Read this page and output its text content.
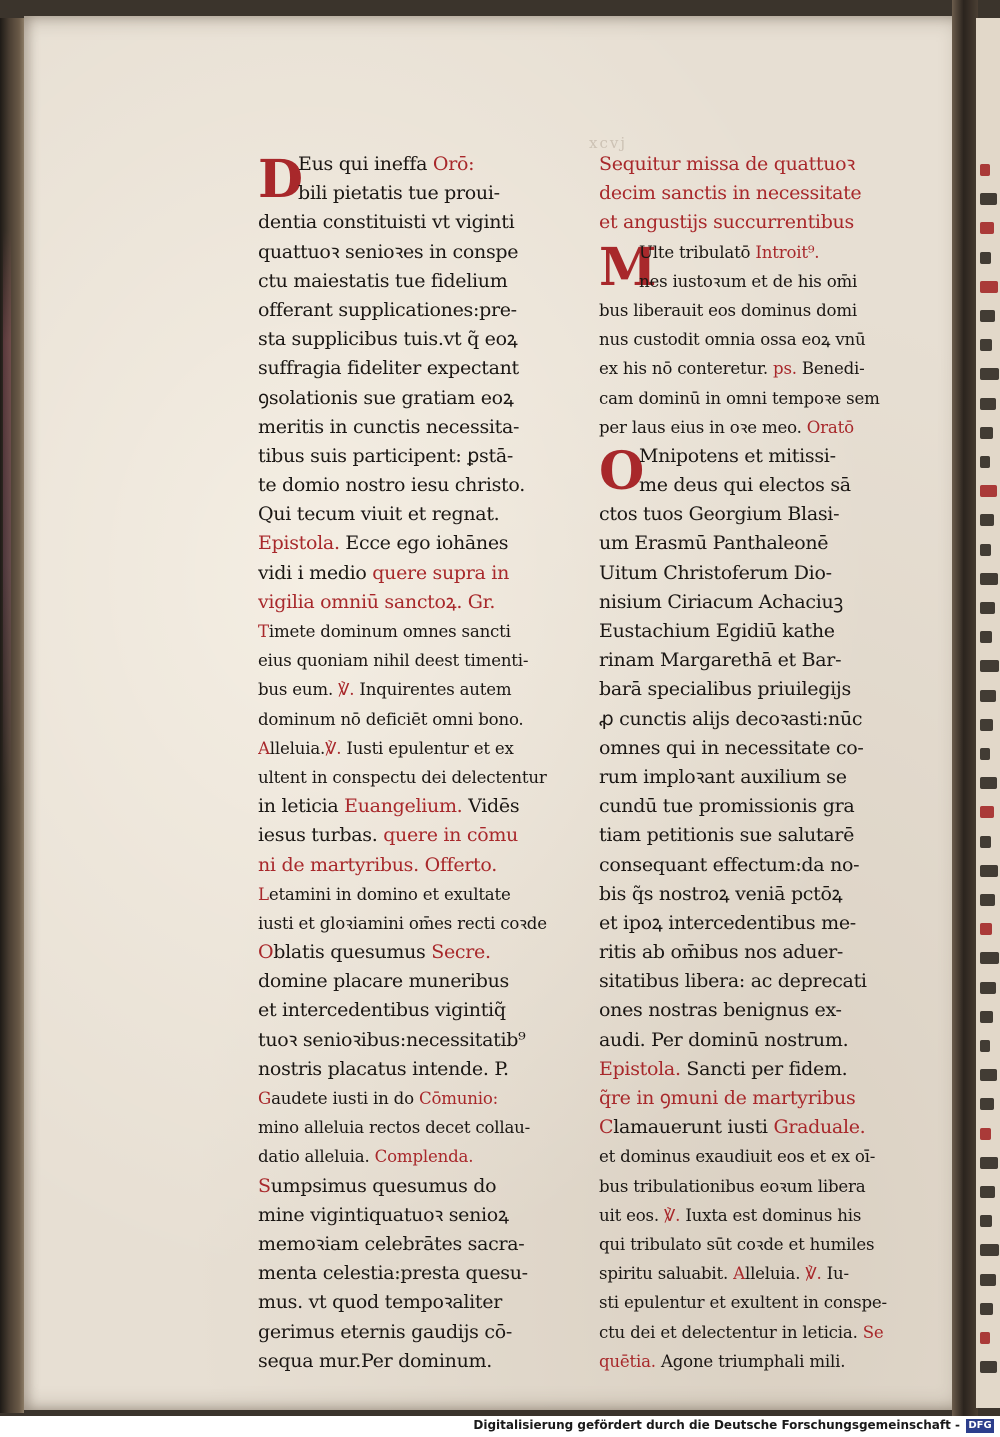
xcvj
D
Eus qui ineffa Orō:
bili pietatis tue proui-
dentia constituisti vt viginti
quattuoꝛ senioꝛes in conspe
ctu maiestatis tue fidelium
offerant supplicationes:pre-
sta supplicibus tuis.vt q̃ eoꝝ
suffragia fideliter expectant
ꝯsolationis sue gratiam eoꝝ
meritis in cunctis necessita-
tibus suis participent: ꝑstā-
te domio nostro iesu christo.
Qui tecum viuit et regnat.
Epistola. Ecce ego iohānes
vidi i medio quere supra in
vigilia omniū sanctoꝝ. Gr.
Timete dominum omnes sancti
eius quoniam nihil deest timenti-
bus eum. ℣. Inquirentes autem
dominum nō deficiēt omni bono.
Alleluia.℣. Iusti epulentur et ex
ultent in conspectu dei delectentur
in leticia Euangelium. Vidēs
iesus turbas. quere in cōmu
ni de martyribus. Offerto.
Letamini in domino et exultate
iusti et gloꝛiamini om̄es recti coꝛde
Oblatis quesumus Secre.
domine placare muneribus
et intercedentibus vigintiq̃
tuoꝛ senioꝛibus:necessitatib⁹
nostris placatus intende. P.
Gaudete iusti in do Cōmunio:
mino alleluia rectos decet collau-
datio alleluia. Complenda.
Sumpsimus quesumus do
mine vigintiquatuoꝛ senioꝝ
memoꝛiam celebrātes sacra-
menta celestia:presta quesu-
mus. vt quod tempoꝛaliter
gerimus eternis gaudijs cō-
sequa mur.Per dominum.
Sequitur missa de quattuoꝛ
decim sanctis in necessitate
et angustijs succurrentibus
M
Ulte tribulatō Introit⁹.
nes iustoꝛum et de his om̄i
bus liberauit eos dominus domi
nus custodit omnia ossa eoꝝ vnū
ex his nō conteretur. ps. Benedi-
cam dominū in omni tempoꝛe sem
per laus eius in oꝛe meo. Oratō
O
Mnipotens et mitissi-
me deus qui electos sā
ctos tuos Georgium Blasi-
um Erasmū Panthaleonē
Uitum Christoferum Dio-
nisium Ciriacum Achaciuꝫ
Eustachium Egidiū kathe
rinam Margarethā et Bar-
barā specialibus priuilegijs
ꝓ cunctis alijs decoꝛasti:nūc
omnes qui in necessitate co-
rum imploꝛant auxilium se
cundū tue promissionis gra
tiam petitionis sue salutarē
consequant effectum:da no-
bis q̃s nostroꝝ veniā pctōꝝ
et ipoꝝ intercedentibus me-
ritis ab om̄ibus nos aduer-
sitatibus libera: ac deprecati
ones nostras benignus ex-
audi. Per dominū nostrum.
Epistola. Sancti per fidem.
q̃re in ꝯmuni de martyribus
Clamauerunt iusti Graduale.
et dominus exaudiuit eos et ex oī-
bus tribulationibus eoꝛum libera
uit eos. ℣. Iuxta est dominus his
qui tribulato sūt coꝛde et humiles
spiritu saluabit. Alleluia. ℣. Iu-
sti epulentur et exultent in conspe-
ctu dei et delectentur in leticia. Se
quētia. Agone triumphali mili.
Digitalisierung gefördert durch die Deutsche Forschungsgemeinschaft - DFG
